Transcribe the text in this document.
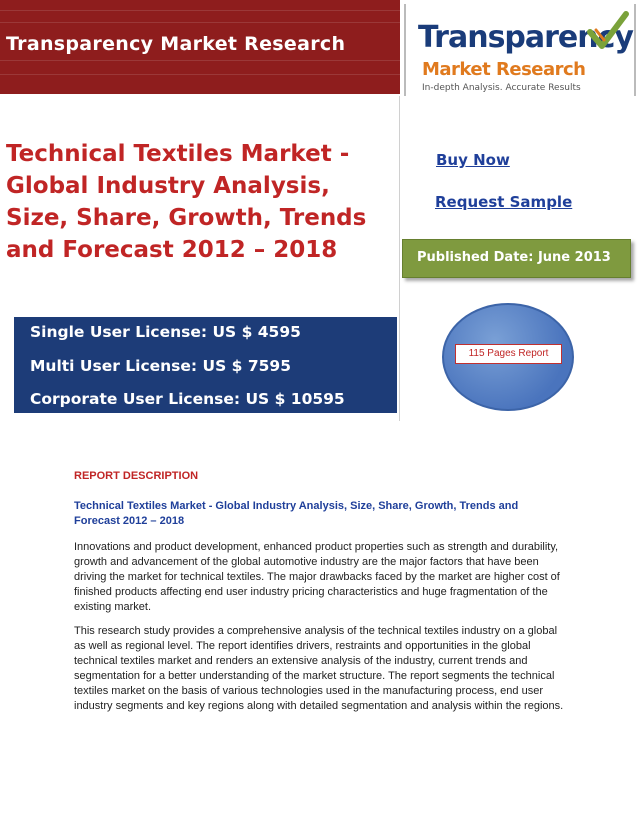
Transparency Market Research Transparency
Market Research
In-depth Analysis. Accurate Results
Technical Textiles Market - Global Industry Analysis, Size, Share, Growth, Trends and Forecast 2012 – 2018
Buy Now
Request Sample
Published Date: June 2013
Single User License: US $ 4595
Multi User License: US $ 7595
Corporate User License: US $ 10595
115 Pages Report
REPORT DESCRIPTION
Technical Textiles Market - Global Industry Analysis, Size, Share, Growth, Trends and Forecast 2012 – 2018

Innovations and product development, enhanced product properties such as strength and durability, growth and advancement of the global automotive industry are the major factors that have been driving the market for technical textiles. The major drawbacks faced by the market are higher cost of finished products affecting end user industry pricing characteristics and huge fragmentation of the existing market.

This research study provides a comprehensive analysis of the technical textiles industry on a global as well as regional level. The report identifies drivers, restraints and opportunities in the global technical textiles market and renders an extensive analysis of the industry, current trends and segmentation for a better understanding of the market structure. The report segments the technical textiles market on the basis of various technologies used in the manufacturing process, end user industry segments and key regions along with detailed segmentation and analysis within the regions.
